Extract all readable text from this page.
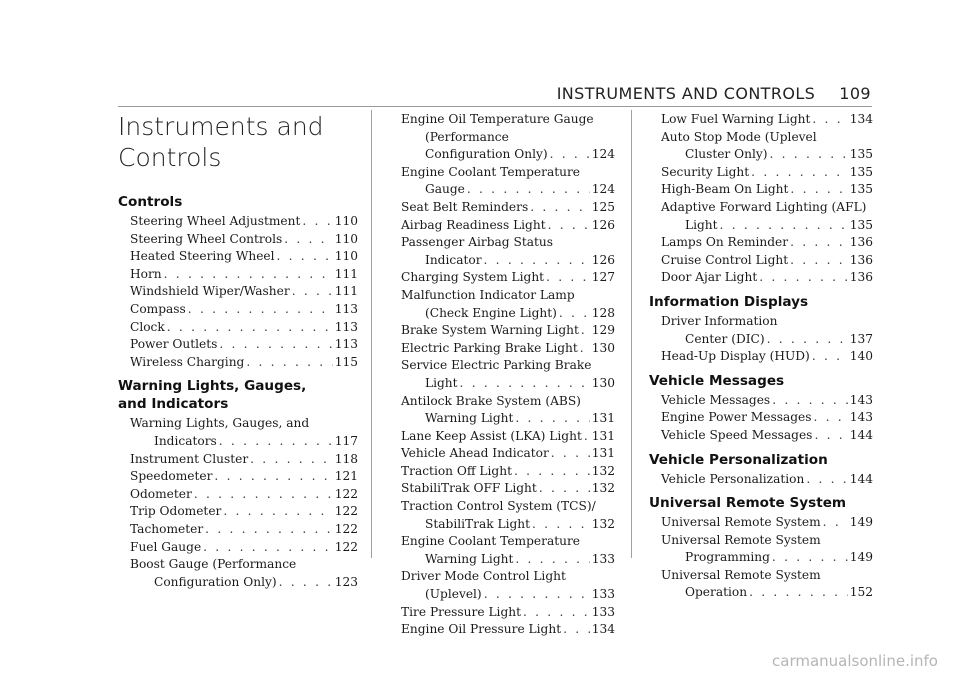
INSTRUMENTS AND CONTROLS 109
Instruments and
Controls
Controls
Steering Wheel Adjustment . . .	110
Steering Wheel Controls . . .	110
Heated Steering Wheel . . .	110
Horn . . .	111
Windshield Wiper/Washer . . .	111
Compass . . .	113
Clock . . .	113
Power Outlets . . .	113
Wireless Charging . . .	115
Warning Lights, Gauges, and Indicators
Warning Lights, Gauges, and
Indicators . . .	117
Instrument Cluster . . .	118
Speedometer . . .	121
Odometer . . .	122
Trip Odometer . . .	122
Tachometer . . .	122
Fuel Gauge . . .	122
Boost Gauge (Performance
Configuration Only) . . .	123
Engine Oil Temperature Gauge
(Performance
Configuration Only) . . .	124
Engine Coolant Temperature
Gauge . . .	124
Seat Belt Reminders . . .	125
Airbag Readiness Light . . .	126
Passenger Airbag Status
Indicator . . .	126
Charging System Light . . .	127
Malfunction Indicator Lamp
(Check Engine Light) . . .	128
Brake System Warning Light . . . 129
Electric Parking Brake Light . . . 130
Service Electric Parking Brake
Light . . .	130
Antilock Brake System (ABS)
Warning Light . . .	131
Lane Keep Assist (LKA) Light . . . 131
Vehicle Ahead Indicator . . .	131
Traction Off Light . . .	132
StabiliTrak OFF Light . . .	132
Traction Control System (TCS)/
StabiliTrak Light . . .	132
Engine Coolant Temperature
Warning Light . . .	133
Driver Mode Control Light
(Uplevel) . . .	133
Tire Pressure Light . . .	133
Engine Oil Pressure Light . . .	134
Low Fuel Warning Light . . .	134
Auto Stop Mode (Uplevel
Cluster Only) . . .	135
Security Light . . .	135
High-Beam On Light . . .	135
Adaptive Forward Lighting (AFL)
Light . . .	135
Lamps On Reminder . . .	136
Cruise Control Light . . .	136
Door Ajar Light . . .	136
Information Displays
Driver Information
Center (DIC) . . .	137
Head-Up Display (HUD) . . .	140
Vehicle Messages
Vehicle Messages . . .	143
Engine Power Messages . . .	143
Vehicle Speed Messages . . .	144
Vehicle Personalization
Vehicle Personalization . . .	144
Universal Remote System
Universal Remote System . . . 149
Universal Remote System
Programming . . .	149
Universal Remote System
Operation . . .	152
carmanualsonline.info
